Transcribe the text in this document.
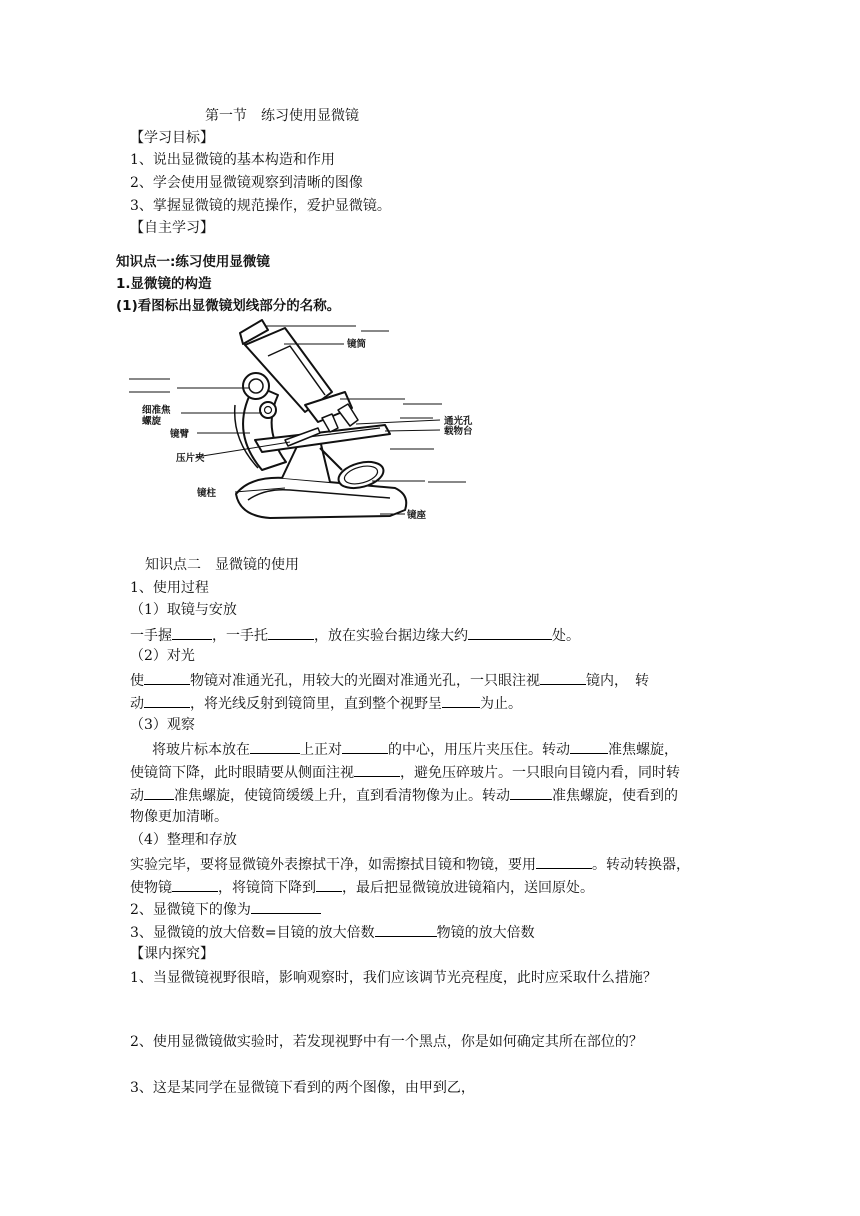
第一节　练习使用显微镜
【学习目标】
1、说出显微镜的基本构造和作用
2、学会使用显微镜观察到清晰的图像
3、掌握显微镜的规范操作，爱护显微镜。
【自主学习】
知识点一:练习使用显微镜
1.显微镜的构造
(1)看图标出显微镜划线部分的名称。
镜筒
细准焦
螺旋
镜臂
压片夹
镜柱
通光孔
载物台
镜座
知识点二　显微镜的使用
1、使用过程
（1）取镜与安放
一手握	，一手托	，放在实验台据边缘大约	处。
（2）对光
使	物镜对准通光孔，用较大的光圈对准通光孔，一只眼注视	镜内，　转
动	，将光线反射到镜筒里，直到整个视野呈	为止。
（3）观察
将玻片标本放在	上正对	的中心，用压片夹压住。转动	准焦螺旋，
使镜筒下降，此时眼睛要从侧面注视	，避免压碎玻片。一只眼向目镜内看，同时转
动 准焦螺旋，使镜筒缓缓上升，直到看清物像为止。转动	准焦螺旋，使看到的
物像更加清晰。
（4）整理和存放
实验完毕，要将显微镜外表擦拭干净，如需擦拭目镜和物镜，要用	。转动转换器，
使物镜	，将镜筒下降到 ，最后把显微镜放进镜箱内，送回原处。
2、显微镜下的像为
3、显微镜的放大倍数=目镜的放大倍数	物镜的放大倍数
【课内探究】
1、当显微镜视野很暗，影响观察时，我们应该调节光亮程度，此时应采取什么措施？
2、使用显微镜做实验时，若发现视野中有一个黑点，你是如何确定其所在部位的？
3、这是某同学在显微镜下看到的两个图像，由甲到乙，
